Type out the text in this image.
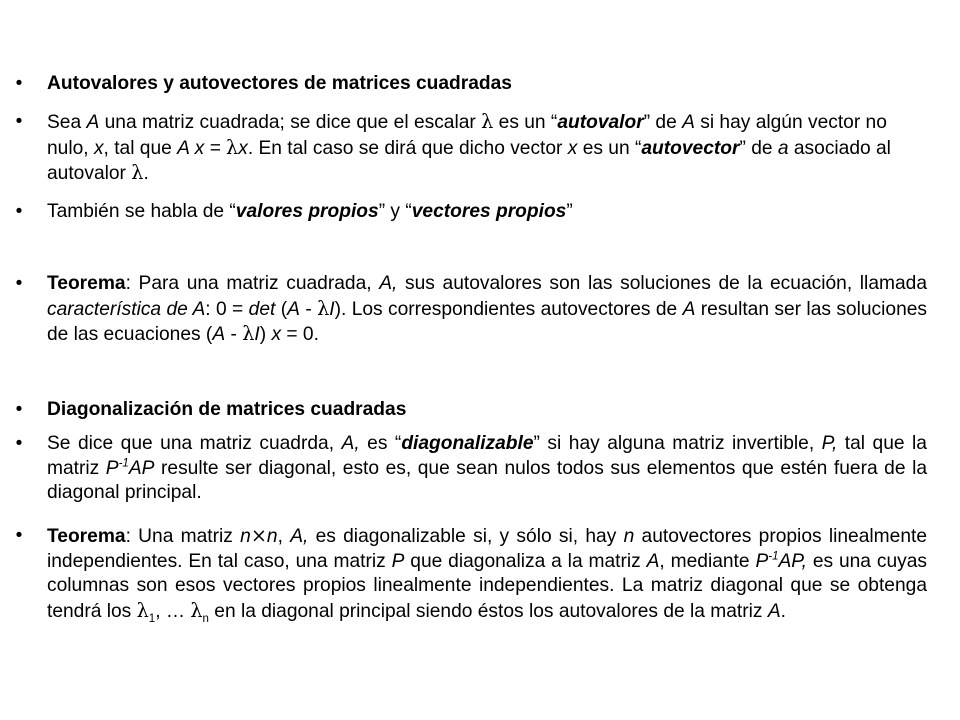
• Autovalores y autovectores de matrices cuadradas
• Sea A una matriz cuadrada; se dice que el escalar λ es un “autovalor” de A si hay algún vector no nulo, x, tal que A x = λx. En tal caso se dirá que dicho vector x es un “autovector” de a asociado al autovalor λ.
• También se habla de “valores propios” y “vectores propios”
• Teorema: Para una matriz cuadrada, A, sus autovalores son las soluciones de la ecuación, llamada característica de A: 0 = det (A - λI). Los correspondientes autovectores de A resultan ser las soluciones de las ecuaciones (A - λI) x = 0.
• Diagonalización de matrices cuadradas
• Se dice que una matriz cuadrda, A, es “diagonalizable” si hay alguna matriz invertible, P, tal que la matriz $P^{-1}AP$ resulte ser diagonal, esto es, que sean nulos todos sus elementos que estén fuera de la diagonal principal.
• Teorema: Una matriz n×n, A, es diagonalizable si, y sólo si, hay n autovectores propios linealmente independientes. En tal caso, una matriz P que diagonaliza a la matriz A, mediante $P^{-1}AP$, es una cuyas columnas son esos vectores propios linealmente independientes. La matriz diagonal que se obtenga tendrá los $\lambda_1$, … $\lambda_n$ en la diagonal principal siendo éstos los autovalores de la matriz A.
